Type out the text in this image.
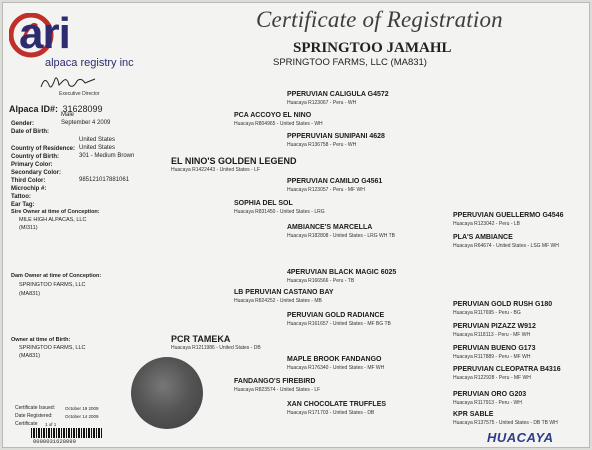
ari
alpaca registry inc
Executive Director
Certificate of Registration
SPRINGTOO JAMAHL
SPRINGTOO FARMS, LLC (MA831)
Alpaca ID#: 31628099
Gender:
Male
Date of Birth:
September 4 2009
Country of Residence:
United States
Country of Birth:
United States
Primary Color:
301 - Medium Brown
Secondary Color:
Third Color:
Microchip #:
985121017881061
Tattoo:
Ear Tag:
Sire Owner at time of Conception:
MILE HIGH ALPACAS, LLC
(MI311)
Dam Owner at time of Conception:
SPRINGTOO FARMS, LLC
(MA831)
Owner at time of Birth:
SPRINGTOO FARMS, LLC
(MA831)
PPERUVIAN CALIGULA G4572
Huacaya R123067 - Peru - WH
PCA ACCOYO EL NINO
Huacaya R804965 - United States - WH
PPPERUVIAN SUNIPANI 4628
Huacaya R136758 - Peru - WH
EL NINO'S GOLDEN LEGEND
Huacaya R1422443 - United States - LF
PPERUVIAN CAMILIO G4561
Huacaya R123057 - Peru - MF WH
SOPHIA DEL SOL
Huacaya R831450 - United States - LRG	PPERUVIAN GUELLERMO G4546
Huacaya R123042 - Peru - LB
AMBIANCE'S MARCELLA
Huacaya R182808 - United States - LRG WH TB	PLA'S AMBIANCE
Huacaya R64674 - United States - LSG MF WH
4PERUVIAN BLACK MAGIC 6025
Huacaya R166566 - Peru - TB
LB PERUVIAN CASTANO BAY
Huacaya R824252 - United States - MB	PERUVIAN GOLD RUSH G180
Huacaya R117695 - Peru - BG
PERUVIAN GOLD RADIANCE
Huacaya R161657 - United States - MF BG TB	PERUVIAN PIZAZZ W912
Huacaya R118113 - Peru - MF WH
PCR TAMEKA
Huacaya R1211986 - United States - DB	PERUVIAN BUENO G173
Huacaya R117889 - Peru - MF WH
MAPLE BROOK FANDANGO
Huacaya R176340 - United States - MF WH	PPERUVIAN CLEOPATRA B4316
Huacaya R122928 - Peru - MF WH
FANDANGO'S FIREBIRD
Huacaya R823574 - United States - LF
PERUVIAN ORO G203
Huacaya R117913 - Peru - WH
XAN CHOCOLATE TRUFFLES
Huacaya R171703 - United States - DB	KPR SABLE
Huacaya R137575 - United States - DB TB WH
Certificate Issued: October 19 2009
Date Registered:	October 14 2009
Certificate 1 of 1
0000031628099	HUACAYA
